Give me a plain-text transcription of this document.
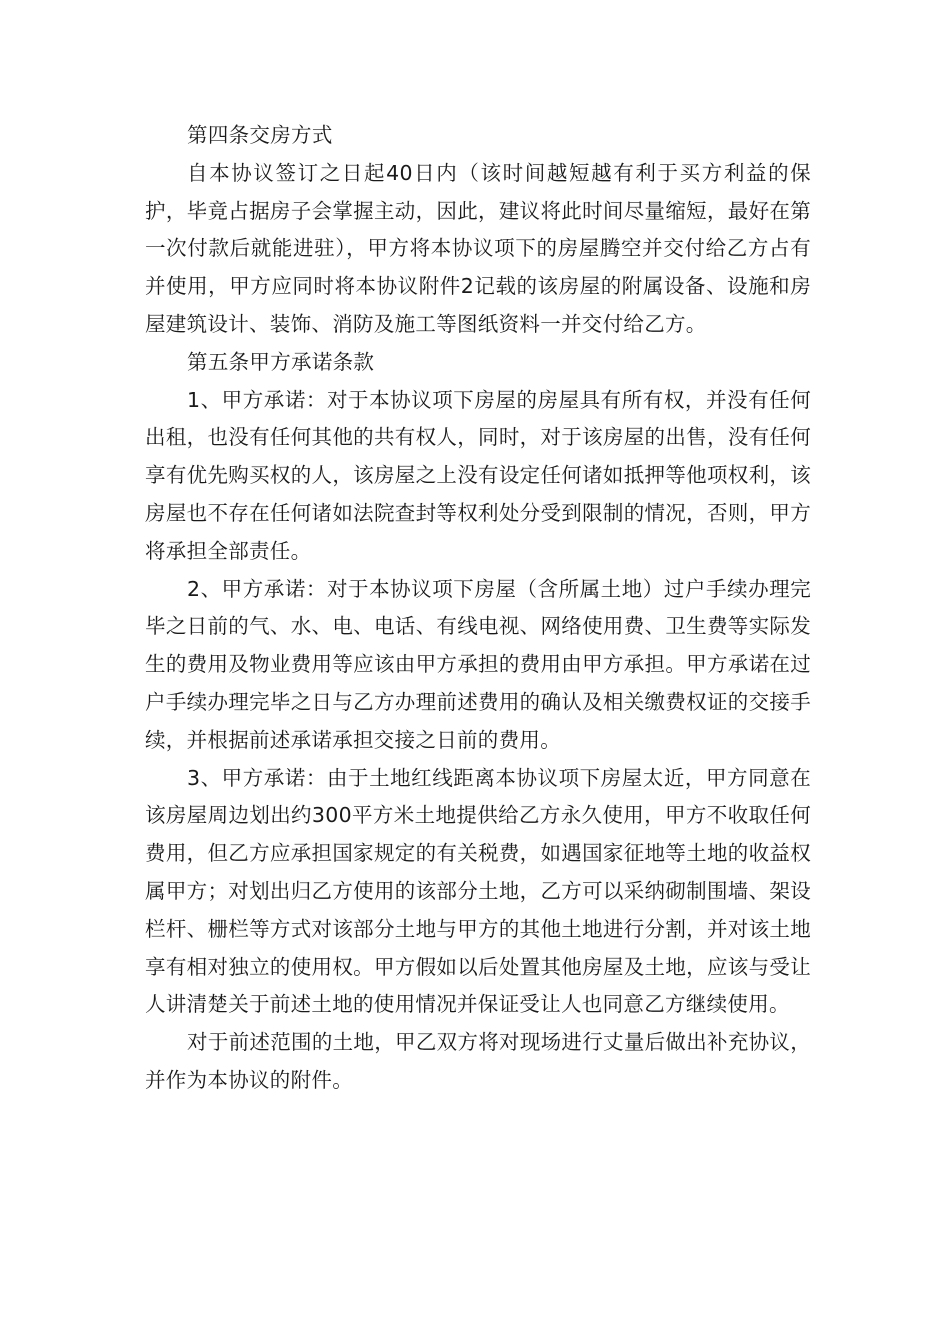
第四条交房方式

自本协议签订之日起40日内（该时间越短越有利于买方利益的保护，毕竟占据房子会掌握主动，因此，建议将此时间尽量缩短，最好在第一次付款后就能进驻），甲方将本协议项下的房屋腾空并交付给乙方占有并使用，甲方应同时将本协议附件2记载的该房屋的附属设备、设施和房屋建筑设计、装饰、消防及施工等图纸资料一并交付给乙方。

第五条甲方承诺条款

1、甲方承诺：对于本协议项下房屋的房屋具有所有权，并没有任何出租，也没有任何其他的共有权人，同时，对于该房屋的出售，没有任何享有优先购买权的人，该房屋之上没有设定任何诸如抵押等他项权利，该房屋也不存在任何诸如法院查封等权利处分受到限制的情况，否则，甲方将承担全部责任。

2、甲方承诺：对于本协议项下房屋（含所属土地）过户手续办理完毕之日前的气、水、电、电话、有线电视、网络使用费、卫生费等实际发生的费用及物业费用等应该由甲方承担的费用由甲方承担。甲方承诺在过户手续办理完毕之日与乙方办理前述费用的确认及相关缴费权证的交接手续，并根据前述承诺承担交接之日前的费用。

3、甲方承诺：由于土地红线距离本协议项下房屋太近，甲方同意在该房屋周边划出约300平方米土地提供给乙方永久使用，甲方不收取任何费用，但乙方应承担国家规定的有关税费，如遇国家征地等土地的收益权属甲方；对划出归乙方使用的该部分土地，乙方可以采纳砌制围墙、架设栏杆、栅栏等方式对该部分土地与甲方的其他土地进行分割，并对该土地享有相对独立的使用权。甲方假如以后处置其他房屋及土地，应该与受让人讲清楚关于前述土地的使用情况并保证受让人也同意乙方继续使用。

对于前述范围的土地，甲乙双方将对现场进行丈量后做出补充协议，并作为本协议的附件。
